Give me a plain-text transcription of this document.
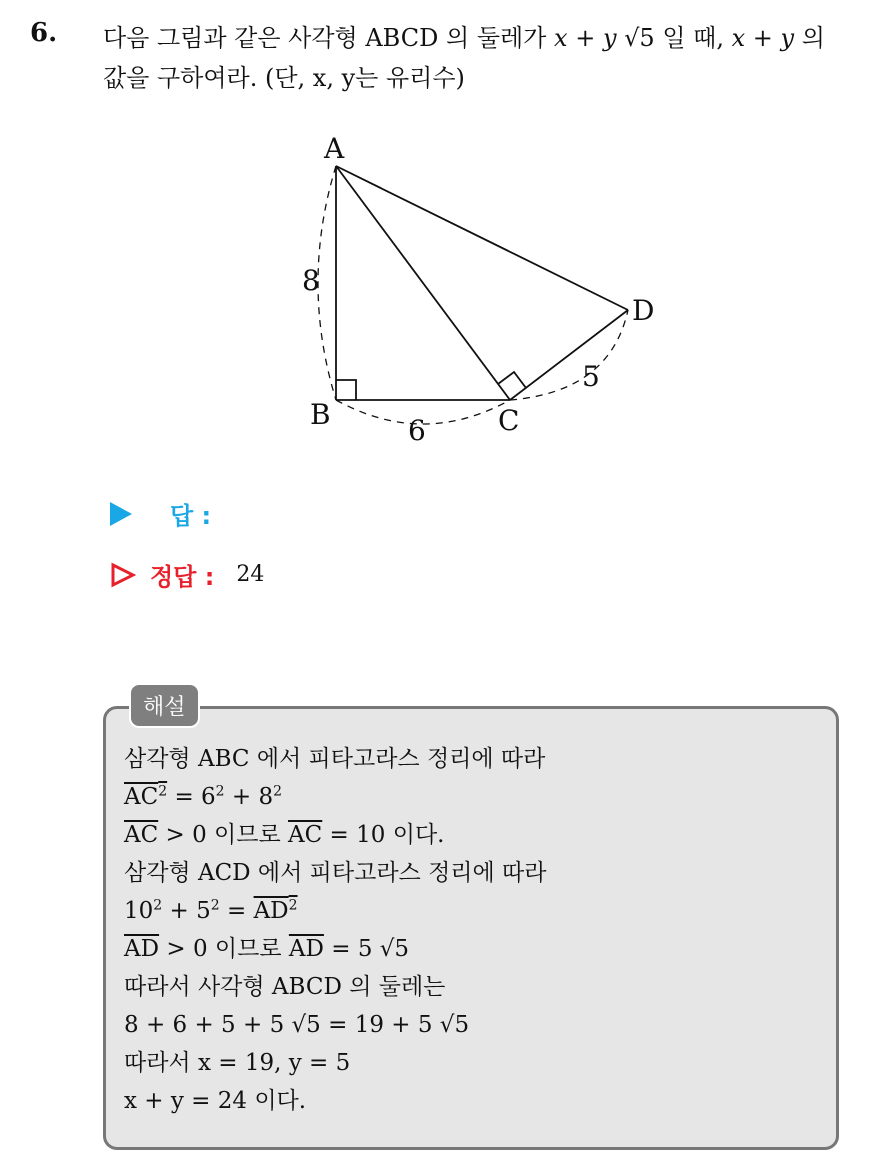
6. 다음 그림과 같은 사각형 ABCD 의 둘레가 x + y √5 일 때, x + y 의
값을 구하여라. (단, x, y는 유리수)
A
B	C
D
8
6
5
답 :
정답 : 24
해설
삼각형 ABC 에서 피타고라스 정리에 따라
$AC^2 = 6^2 + 8^2$
$\overline{AC} > 0$ 이므로 $\overline{AC} = 10$ 이다.
삼각형 ACD 에서 피타고라스 정리에 따라
$10^2 + 5^2 = AD^2$
$\overline{AD} > 0$ 이므로 $\overline{AD} = 5$ √5
따라서 사각형 ABCD 의 둘레는
8 + 6 + 5 + 5 √5 = 19 + 5 √5
따라서 x = 19, y = 5
x + y = 24 이다.
